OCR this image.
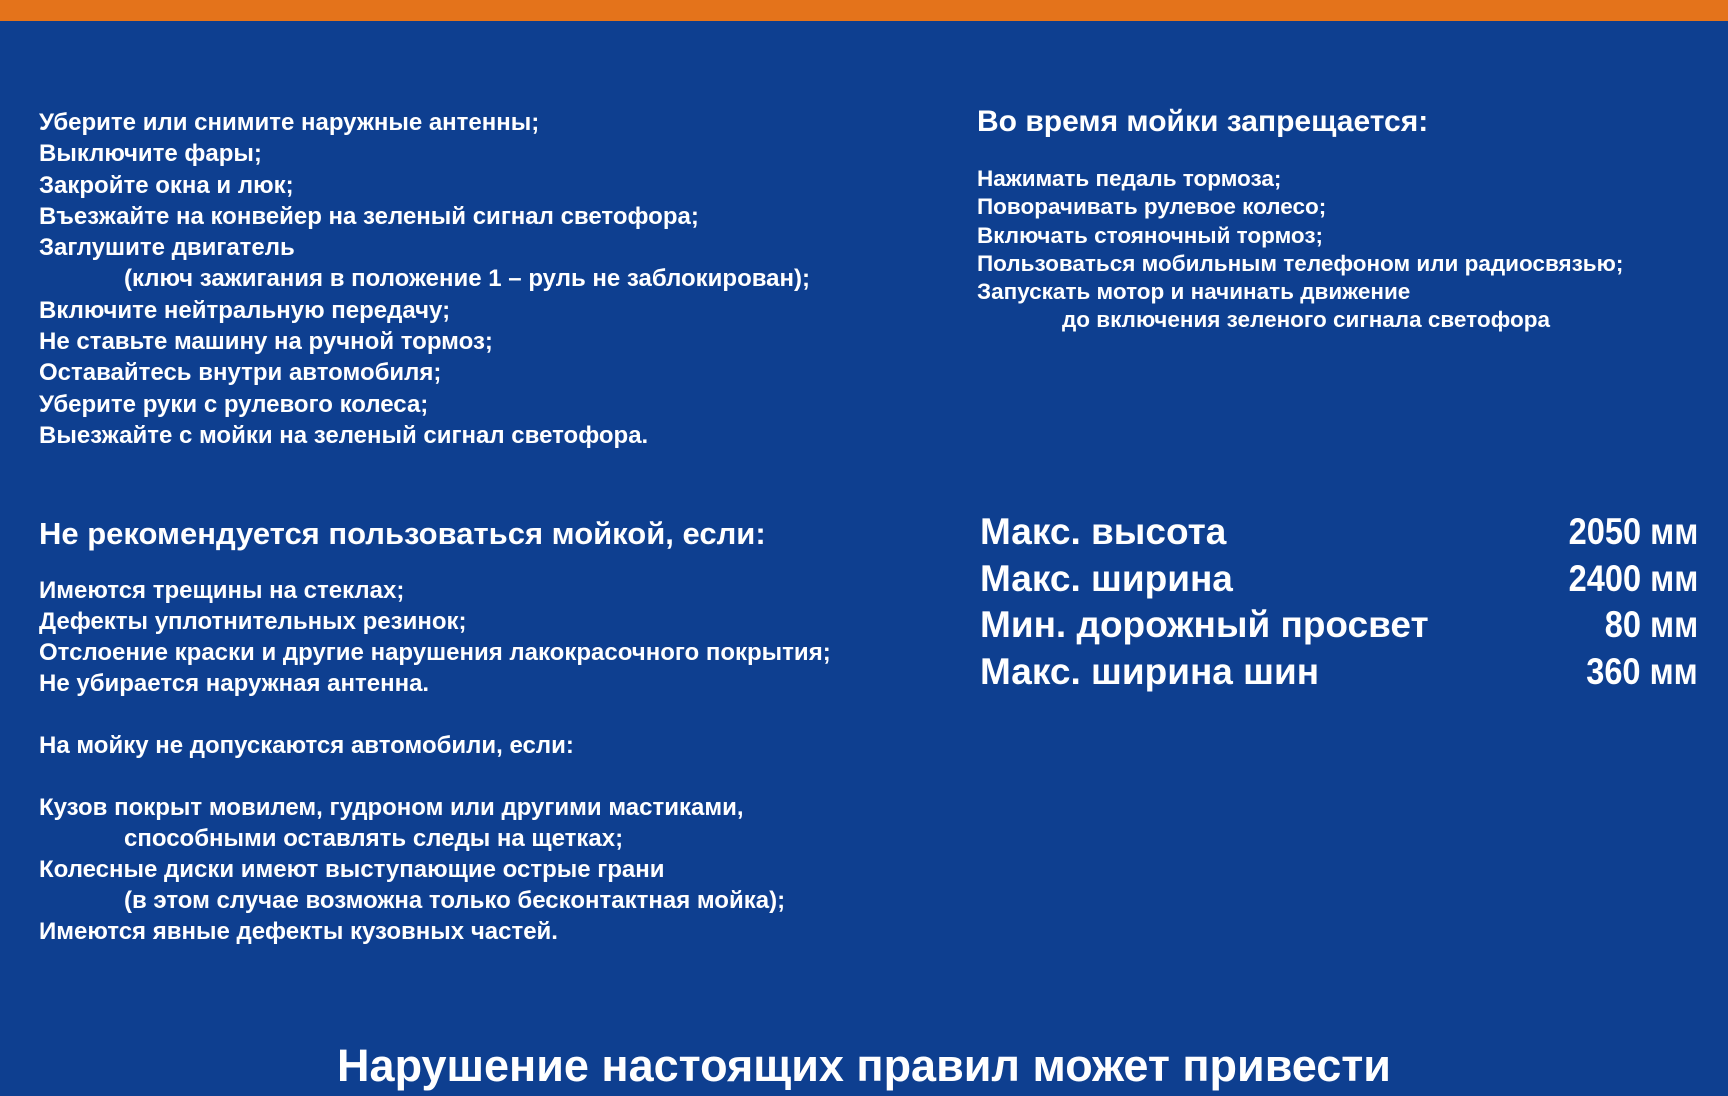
Уберите или снимите наружные антенны;
Выключите фары;
Закройте окна и люк;
Въезжайте на конвейер на зеленый сигнал светофора;
Заглушите двигатель
(ключ зажигания в положение 1 – руль не заблокирован);
Включите нейтральную передачу;
Не ставьте машину на ручной тормоз;
Оставайтесь внутри автомобиля;
Уберите руки с рулевого колеса;
Выезжайте с мойки на зеленый сигнал светофора.
Во время мойки запрещается:
Нажимать педаль тормоза;
Поворачивать рулевое колесо;
Включать стояночный тормоз;
Пользоваться мобильным телефоном или радиосвязью;
Запускать мотор и начинать движение
до включения зеленого сигнала светофора
Не рекомендуется пользоваться мойкой, если:
Имеются трещины на стеклах;
Дефекты уплотнительных резинок;
Отслоение краски и другие нарушения лакокрасочного покрытия;
Не убирается наружная антенна.
На мойку не допускаются автомобили, если:
Кузов покрыт мовилем, гудроном или другими мастиками,
способными оставлять следы на щетках;
Колесные диски имеют выступающие острые грани
(в этом случае возможна только бесконтактная мойка);
Имеются явные дефекты кузовных частей.
Макс. высота	2050 мм
Макс. ширина	2400 мм
Мин. дорожный просвет	80 мм
Макс. ширина шин	360 мм
Нарушение настоящих правил может привести
